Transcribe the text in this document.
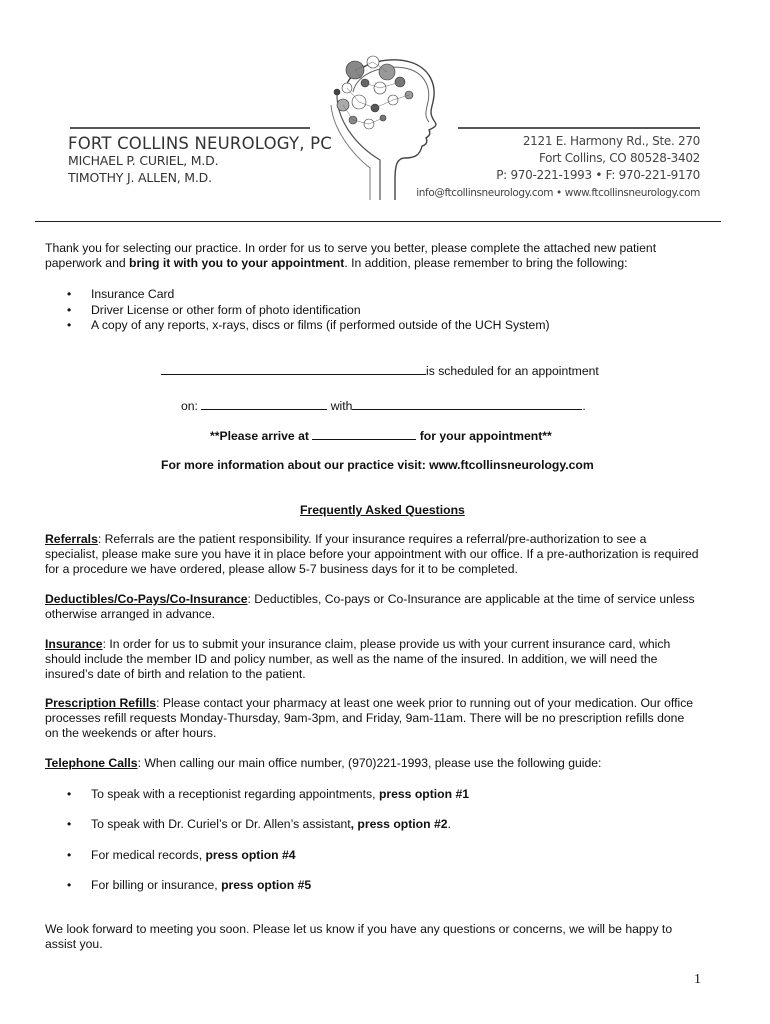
FORT COLLINS NEUROLOGY, PC
MICHAEL P. CURIEL, M.D.
TIMOTHY J. ALLEN, M.D.
2121 E. Harmony Rd., Ste. 270
Fort Collins, CO 80528-3402
P: 970-221-1993 • F: 970-221-9170
info@ftcollinsneurology.com • www.ftcollinsneurology.com
Thank you for selecting our practice. In order for us to serve you better, please complete the attached new patient
paperwork and bring it with you to your appointment. In addition, please remember to bring the following:
• Insurance Card
• Driver License or other form of photo identification
• A copy of any reports, x-rays, discs or films (if performed outside of the UCH System)
is scheduled for an appointment
on:	with	.
**Please arrive at	for your appointment**
For more information about our practice visit: www.ftcollinsneurology.com
Frequently Asked Questions
Referrals: Referrals are the patient responsibility. If your insurance requires a referral/pre-authorization to see a
specialist, please make sure you have it in place before your appointment with our office. If a pre-authorization is required
for a procedure we have ordered, please allow 5-7 business days for it to be completed.
Deductibles/Co-Pays/Co-Insurance: Deductibles, Co-pays or Co-Insurance are applicable at the time of service unless
otherwise arranged in advance.
Insurance: In order for us to submit your insurance claim, please provide us with your current insurance card, which
should include the member ID and policy number, as well as the name of the insured. In addition, we will need the
insured’s date of birth and relation to the patient.
Prescription Refills: Please contact your pharmacy at least one week prior to running out of your medication. Our office
processes refill requests Monday-Thursday, 9am-3pm, and Friday, 9am-11am. There will be no prescription refills done
on the weekends or after hours.
Telephone Calls: When calling our main office number, (970)221-1993, please use the following guide:
• To speak with a receptionist regarding appointments, press option #1
• To speak with Dr. Curiel’s or Dr. Allen’s assistant, press option #2.
• For medical records, press option #4
• For billing or insurance, press option #5
We look forward to meeting you soon. Please let us know if you have any questions or concerns, we will be happy to
assist you.
1
